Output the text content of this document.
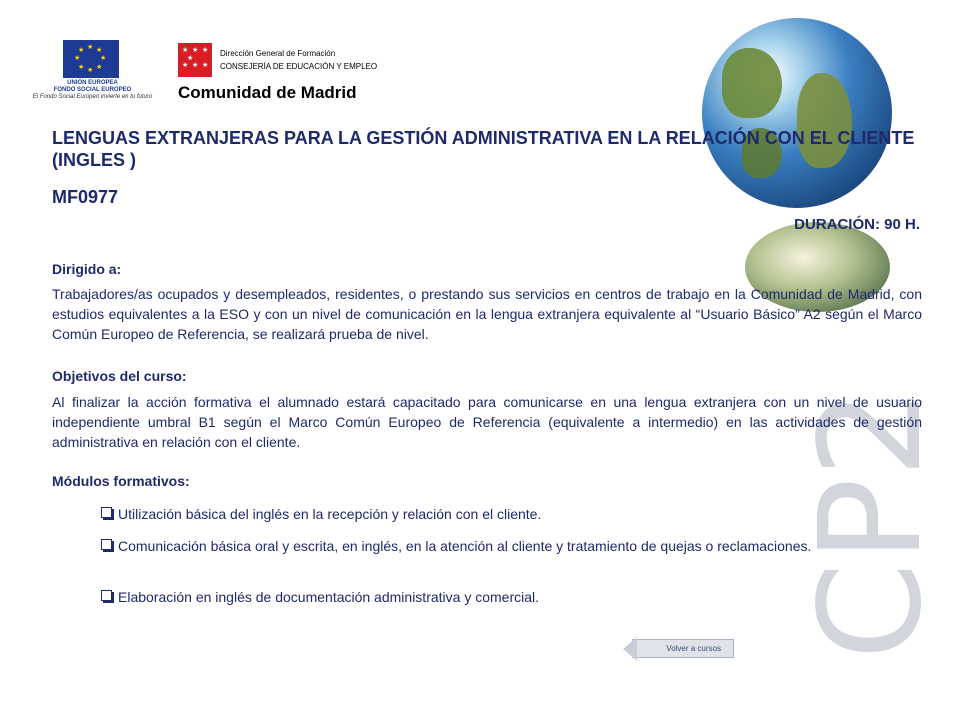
★ ★
★
★
★
★
★
★
UNIÓN EUROPEA
FONDO SOCIAL EUROPEO
El Fondo Social Europeo invierte en tu futuro
★ ★ ★
★ ★ ★
★
Dirección General de Formación
CONSEJERÍA DE EDUCACIÓN Y EMPLEO
Comunidad de Madrid
CP2
LENGUAS EXTRANJERAS PARA LA GESTIÓN ADMINISTRATIVA EN LA RELACIÓN CON EL CLIENTE (INGLES )
MF0977
DURACIÓN: 90 H.
Dirigido a:

Trabajadores/as ocupados y desempleados, residentes, o prestando sus servicios en centros de trabajo en la Comunidad de Madrid, con estudios equivalentes a la ESO y con un nivel de comunicación en la lengua extranjera equivalente al “Usuario Básico” A2 según el Marco Común Europeo de Referencia, se realizará prueba de nivel.

Objetivos del curso:

Al finalizar la acción formativa el alumnado estará capacitado para comunicarse en una lengua extranjera con un nivel de usuario independiente umbral B1 según el Marco Común Europeo de Referencia (equivalente a intermedio) en las actividades de gestión administrativa en relación con el cliente.

Módulos formativos:
Utilización básica del inglés en la recepción y relación con el cliente.
Comunicación básica oral y escrita, en inglés, en la atención al cliente y tratamiento de quejas o reclamaciones.
Elaboración en inglés de documentación administrativa y comercial.
Volver a cursos
